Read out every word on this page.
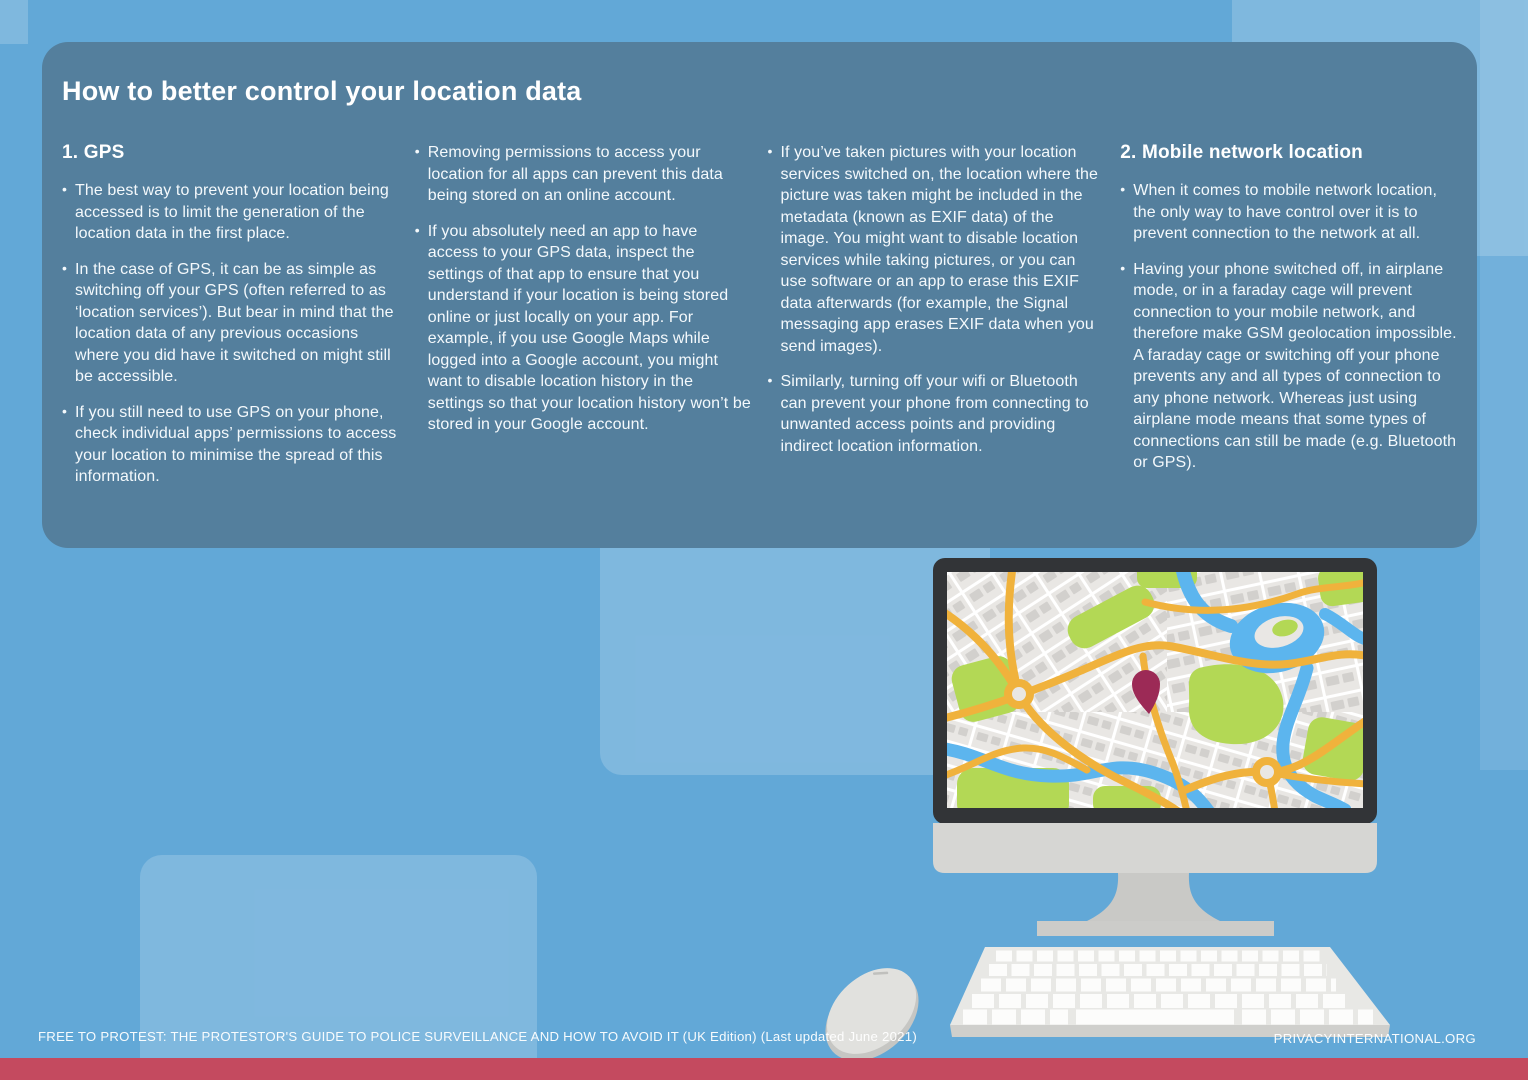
How to better control your location data
1. GPS
• The best way to prevent your location being accessed is to limit the generation of the location data in the first place.
• In the case of GPS, it can be as simple as switching off your GPS (often referred to as ‘location services’). But bear in mind that the location data of any previous occasions where you did have it switched on might still be accessible.
• If you still need to use GPS on your phone, check individual apps’ permissions to access your location to minimise the spread of this information.
• Removing permissions to access your location for all apps can prevent this data being stored on an online account.
• If you absolutely need an app to have access to your GPS data, inspect the settings of that app to ensure that you understand if your location is being stored online or just locally on your app. For example, if you use Google Maps while logged into a Google account, you might want to disable location history in the settings so that your location history won’t be stored in your Google account.
• If you’ve taken pictures with your location services switched on, the location where the picture was taken might be included in the metadata (known as EXIF data) of the image. You might want to disable location services while taking pictures, or you can use software or an app to erase this EXIF data afterwards (for example, the Signal messaging app erases EXIF data when you send images).
• Similarly, turning off your wifi or Bluetooth can prevent your phone from connecting to unwanted access points and providing indirect location information.
2. Mobile network location
• When it comes to mobile network location, the only way to have control over it is to prevent connection to the network at all.
• Having your phone switched off, in airplane mode, or in a faraday cage will prevent connection to your mobile network, and therefore make GSM geolocation impossible. A faraday cage or switching off your phone prevents any and all types of connection to any phone network. Whereas just using airplane mode means that some types of connections can still be made (e.g. Bluetooth or GPS).
FREE TO PROTEST: THE PROTESTOR'S GUIDE TO POLICE SURVEILLANCE AND HOW TO AVOID IT (UK Edition) (Last updated June 2021)	PRIVACYINTERNATIONAL.ORG
